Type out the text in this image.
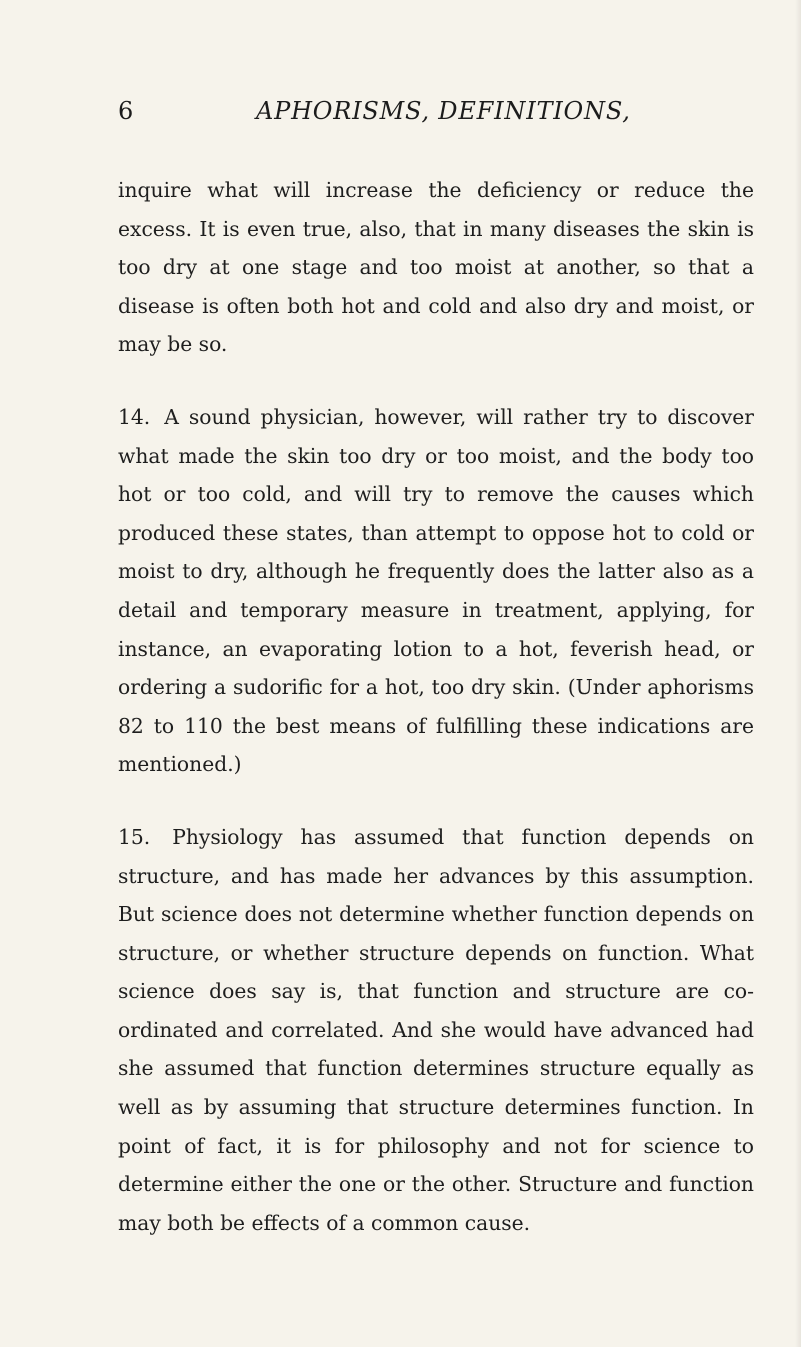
6	APHORISMS, DEFINITIONS,

inquire what will increase the deficiency or reduce the excess. It is even true, also, that in many diseases the skin is too dry at one stage and too moist at another, so that a disease is often both hot and cold and also dry and moist, or may be so.

14. A sound physician, however, will rather try to discover what made the skin too dry or too moist, and the body too hot or too cold, and will try to remove the causes which produced these states, than attempt to oppose hot to cold or moist to dry, although he frequently does the latter also as a detail and temporary measure in treatment, applying, for instance, an evaporating lotion to a hot, feverish head, or ordering a sudorific for a hot, too dry skin. (Under aphorisms 82 to 110 the best means of fulfilling these indications are mentioned.)

15. Physiology has assumed that function depends on structure, and has made her advances by this assumption. But science does not determine whether function depends on structure, or whether structure depends on function. What science does say is, that function and structure are co-ordinated and correlated. And she would have advanced had she assumed that function determines structure equally as well as by assuming that structure determines function. In point of fact, it is for philosophy and not for science to determine either the one or the other. Structure and function may both be effects of a common cause.
